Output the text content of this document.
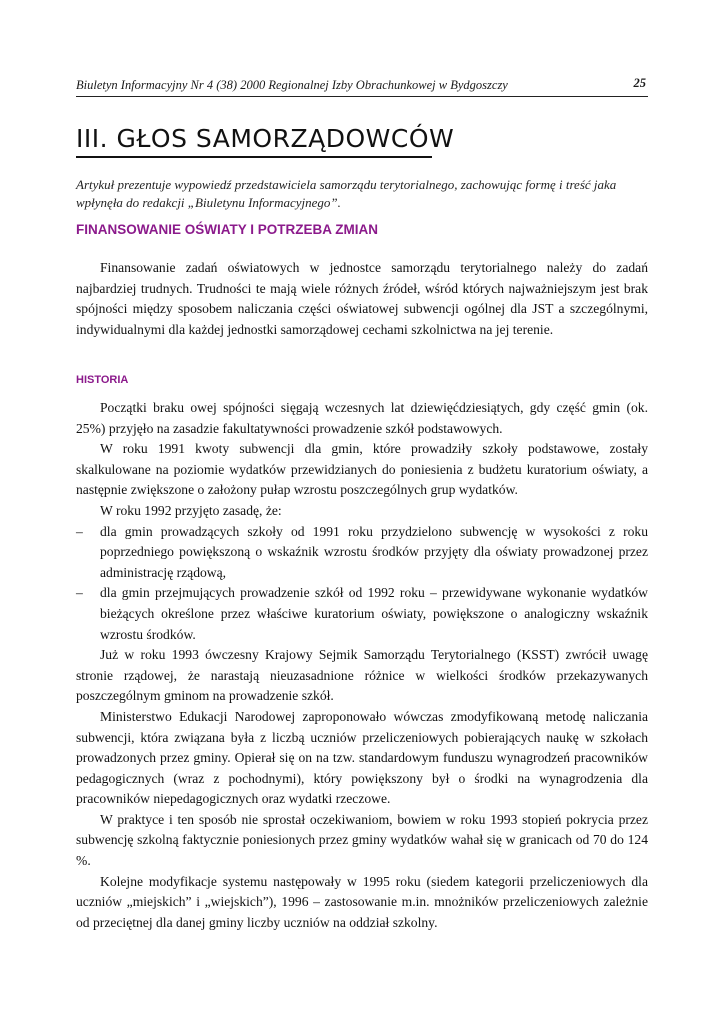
Biuletyn Informacyjny Nr 4 (38) 2000 Regionalnej Izby Obrachunkowej w Bydgoszczy	25
III. GŁOS SAMORZĄDOWCÓW

Artykuł prezentuje wypowiedź przedstawiciela samorządu terytorialnego, zachowując formę i treść jaka wpłynęła do redakcji „Biuletynu Informacyjnego”.

FINANSOWANIE OŚWIATY I POTRZEBA ZMIAN

Finansowanie zadań oświatowych w jednostce samorządu terytorialnego należy do zadań najbardziej trudnych. Trudności te mają wiele różnych źródeł, wśród których najważniejszym jest brak spójności między sposobem naliczania części oświatowej subwencji ogólnej dla JST a szczególnymi, indywidualnymi dla każdej jednostki samorządowej cechami szkolnictwa na jej terenie.

HISTORIA

Początki braku owej spójności sięgają wczesnych lat dziewięćdziesiątych, gdy część gmin (ok. 25%) przyjęło na zasadzie fakultatywności prowadzenie szkół podstawowych.

W roku 1991 kwoty subwencji dla gmin, które prowadziły szkoły podstawowe, zostały skalkulowane na poziomie wydatków przewidzianych do poniesienia z budżetu kuratorium oświaty, a następnie zwiększone o założony pułap wzrostu poszczególnych grup wydatków.

W roku 1992 przyjęto zasadę, że:

– dla gmin prowadzących szkoły od 1991 roku przydzielono subwencję w wysokości z roku poprzedniego powiększoną o wskaźnik wzrostu środków przyjęty dla oświaty prowadzonej przez administrację rządową,
– dla gmin przejmujących prowadzenie szkół od 1992 roku – przewidywane wykonanie wydatków bieżących określone przez właściwe kuratorium oświaty, powiększone o analogiczny wskaźnik wzrostu środków.

Już w roku 1993 ówczesny Krajowy Sejmik Samorządu Terytorialnego (KSST) zwrócił uwagę stronie rządowej, że narastają nieuzasadnione różnice w wielkości środków przekazywanych poszczególnym gminom na prowadzenie szkół.

Ministerstwo Edukacji Narodowej zaproponowało wówczas zmodyfikowaną metodę naliczania subwencji, która związana była z liczbą uczniów przeliczeniowych pobierających naukę w szkołach prowadzonych przez gminy. Opierał się on na tzw. standardowym funduszu wynagrodzeń pracowników pedagogicznych (wraz z pochodnymi), który powiększony był o środki na wynagrodzenia dla pracowników niepedagogicznych oraz wydatki rzeczowe.

W praktyce i ten sposób nie sprostał oczekiwaniom, bowiem w roku 1993 stopień pokrycia przez subwencję szkolną faktycznie poniesionych przez gminy wydatków wahał się w granicach od 70 do 124 %.

Kolejne modyfikacje systemu następowały w 1995 roku (siedem kategorii przeliczeniowych dla uczniów „miejskich” i „wiejskich”), 1996 – zastosowanie m.in. mnożników przeliczeniowych zależnie od przeciętnej dla danej gminy liczby uczniów na oddział szkolny.
